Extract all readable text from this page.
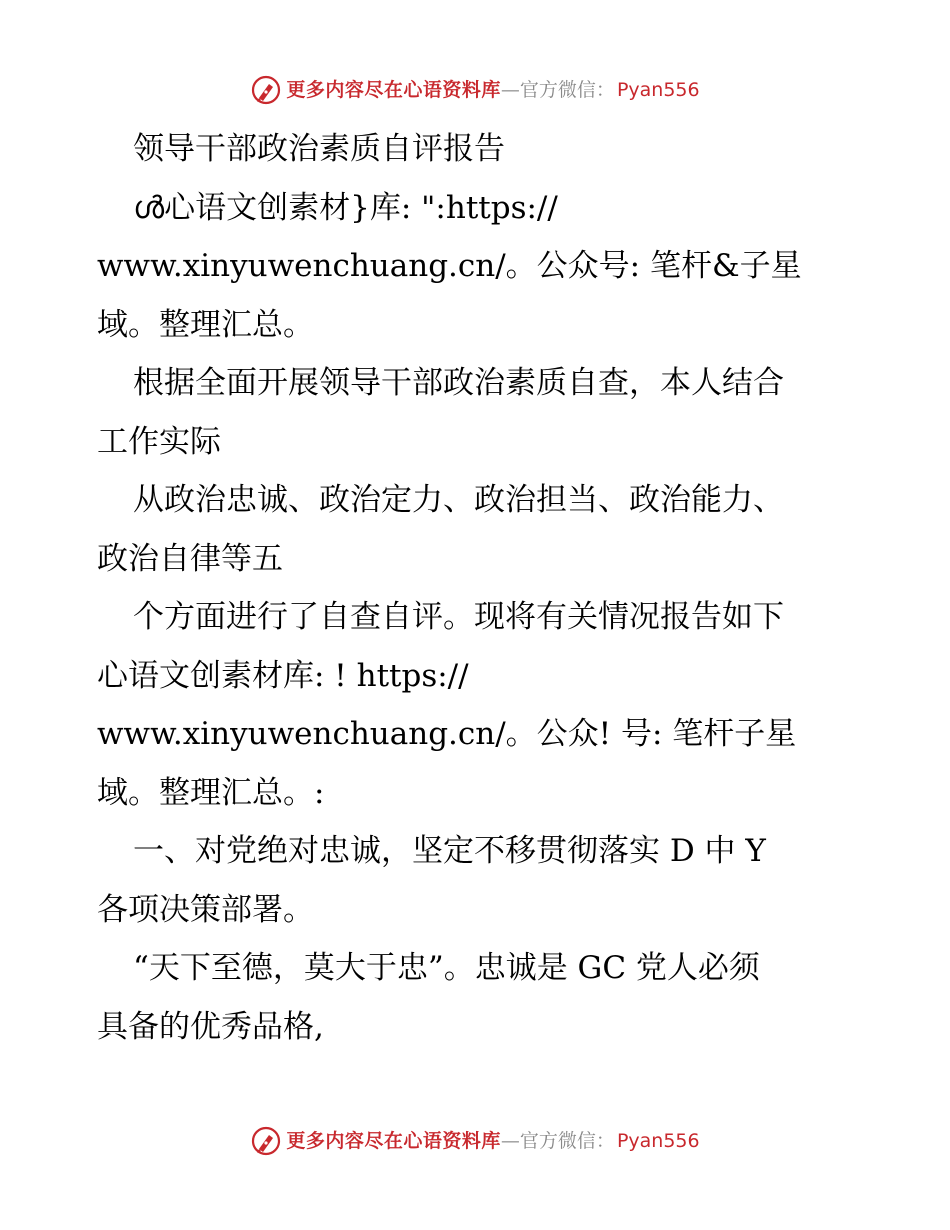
更多内容尽在心语资料库 — 官方微信： Pyan556

领导干部政治素质自评报告

ൾ心语文创素材}库: ":https://

www.xinyuwenchuang.cn/。公众号: 笔杆&子星

域。整理汇总。

根据全面开展领导干部政治素质自查，本人结合

工作实际

从政治忠诚、政治定力、政治担当、政治能力、

政治自律等五

个方面进行了自查自评。现将有关情况报告如下

心语文创素材库: ! https://

www.xinyuwenchuang.cn/。公众! 号: 笔杆子星

域。整理汇总。:

一、对党绝对忠诚，坚定不移贯彻落实 D 中 Y

各项决策部署。

“天下至德，莫大于忠”。忠诚是 GC 党人必须

具备的优秀品格,

更多内容尽在心语资料库 — 官方微信： Pyan556
